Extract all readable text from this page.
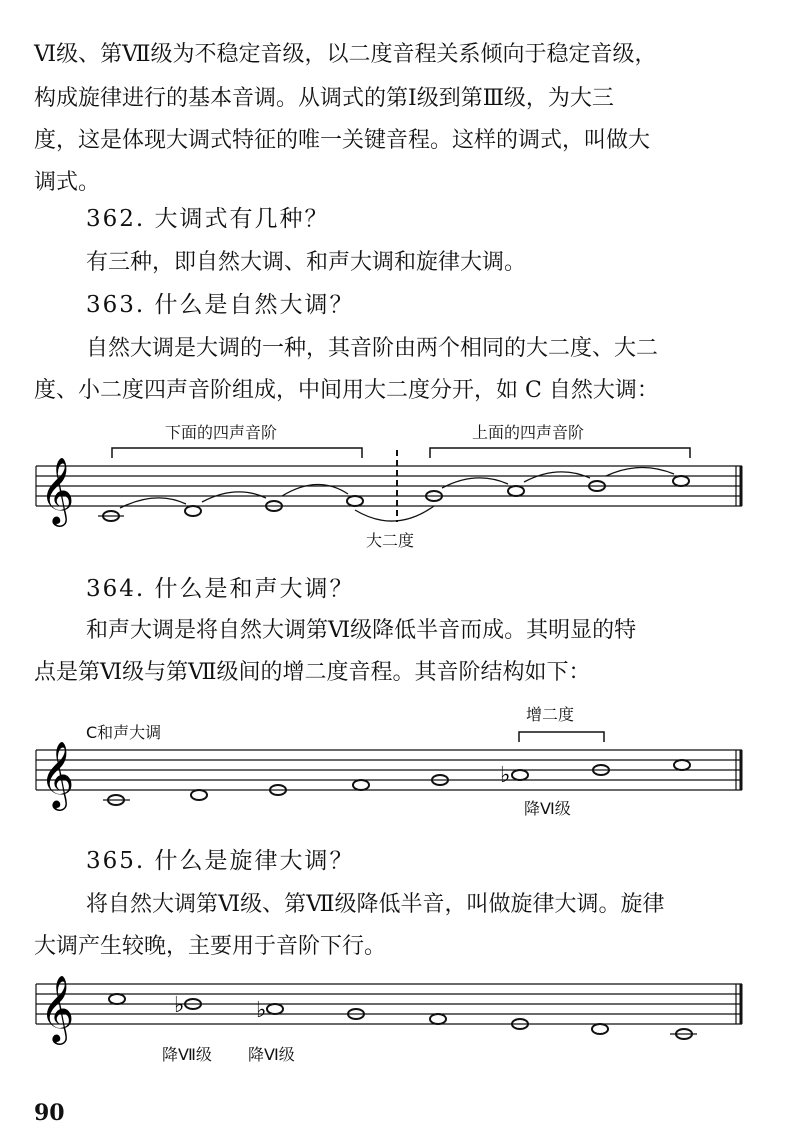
Ⅵ级、第Ⅶ级为不稳定音级，以二度音程关系倾向于稳定音级，

构成旋律进行的基本音调。从调式的第Ⅰ级到第Ⅲ级，为大三

度，这是体现大调式特征的唯一关键音程。这样的调式，叫做大

调式。

362. 大调式有几种？

有三种，即自然大调、和声大调和旋律大调。

363. 什么是自然大调？

自然大调是大调的一种，其音阶由两个相同的大二度、大二

度、小二度四声音阶组成，中间用大二度分开，如 C 自然大调：

下面的四声音阶	上面的四声音阶
𝄞
大二度
364. 什么是和声大调？

和声大调是将自然大调第Ⅵ级降低半音而成。其明显的特

点是第Ⅵ级与第Ⅶ级间的增二度音程。其音阶结构如下：

C和声大调
增二度
𝄞	♭
降Ⅵ级
365. 什么是旋律大调？

将自然大调第Ⅵ级、第Ⅶ级降低半音，叫做旋律大调。旋律

大调产生较晚，主要用于音阶下行。

𝄞	♭	♭
降Ⅶ级 降Ⅵ级
90
